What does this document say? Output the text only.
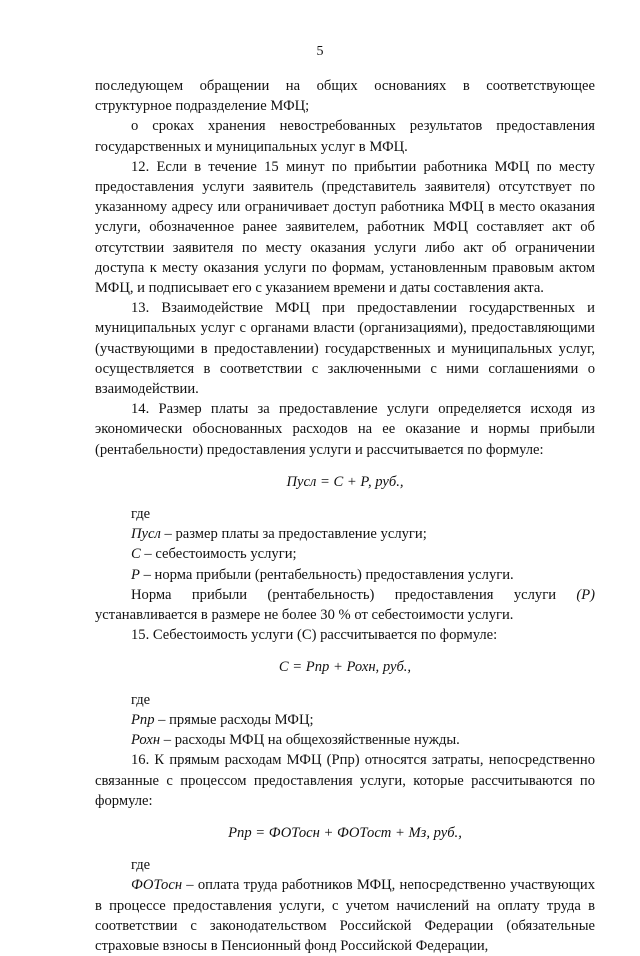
5

последующем обращении на общих основаниях в соответствующее структурное подразделение МФЦ;

о сроках хранения невостребованных результатов предоставления государственных и муниципальных услуг в МФЦ.

12. Если в течение 15 минут по прибытии работника МФЦ по месту предоставления услуги заявитель (представитель заявителя) отсутствует по указанному адресу или ограничивает доступ работника МФЦ в место оказания услуги, обозначенное ранее заявителем, работник МФЦ составляет акт об отсутствии заявителя по месту оказания услуги либо акт об ограничении доступа к месту оказания услуги по формам, установленным правовым актом МФЦ, и подписывает его с указанием времени и даты составления акта.

13. Взаимодействие МФЦ при предоставлении государственных и муниципальных услуг с органами власти (организациями), предоставляющими (участвующими в предоставлении) государственных и муниципальных услуг, осуществляется в соответствии с заключенными с ними соглашениями о взаимодействии.

14. Размер платы за предоставление услуги определяется исходя из экономически обоснованных расходов на ее оказание и нормы прибыли (рентабельности) предоставления услуги и рассчитывается по формуле:

Пусл = С + Р, руб.,

где

Пусл – размер платы за предоставление услуги;

С – себестоимость услуги;

Р – норма прибыли (рентабельность) предоставления услуги.

Норма прибыли (рентабельность) предоставления услуги (Р)

устанавливается в размере не более 30 % от себестоимости услуги.

15. Себестоимость услуги (С) рассчитывается по формуле:

С = Рпр + Рохн, руб.,

где

Рпр – прямые расходы МФЦ;

Рохн – расходы МФЦ на общехозяйственные нужды.

16. К прямым расходам МФЦ (Рпр) относятся затраты, непосредственно связанные с процессом предоставления услуги, которые рассчитываются по формуле:

Рпр = ФОТосн + ФОТост + Мз, руб.,

где

ФОТосн – оплата труда работников МФЦ, непосредственно участвующих в процессе предоставления услуги, с учетом начислений на оплату труда в соответствии с законодательством Российской Федерации (обязательные страховые взносы в Пенсионный фонд Российской Федерации,
